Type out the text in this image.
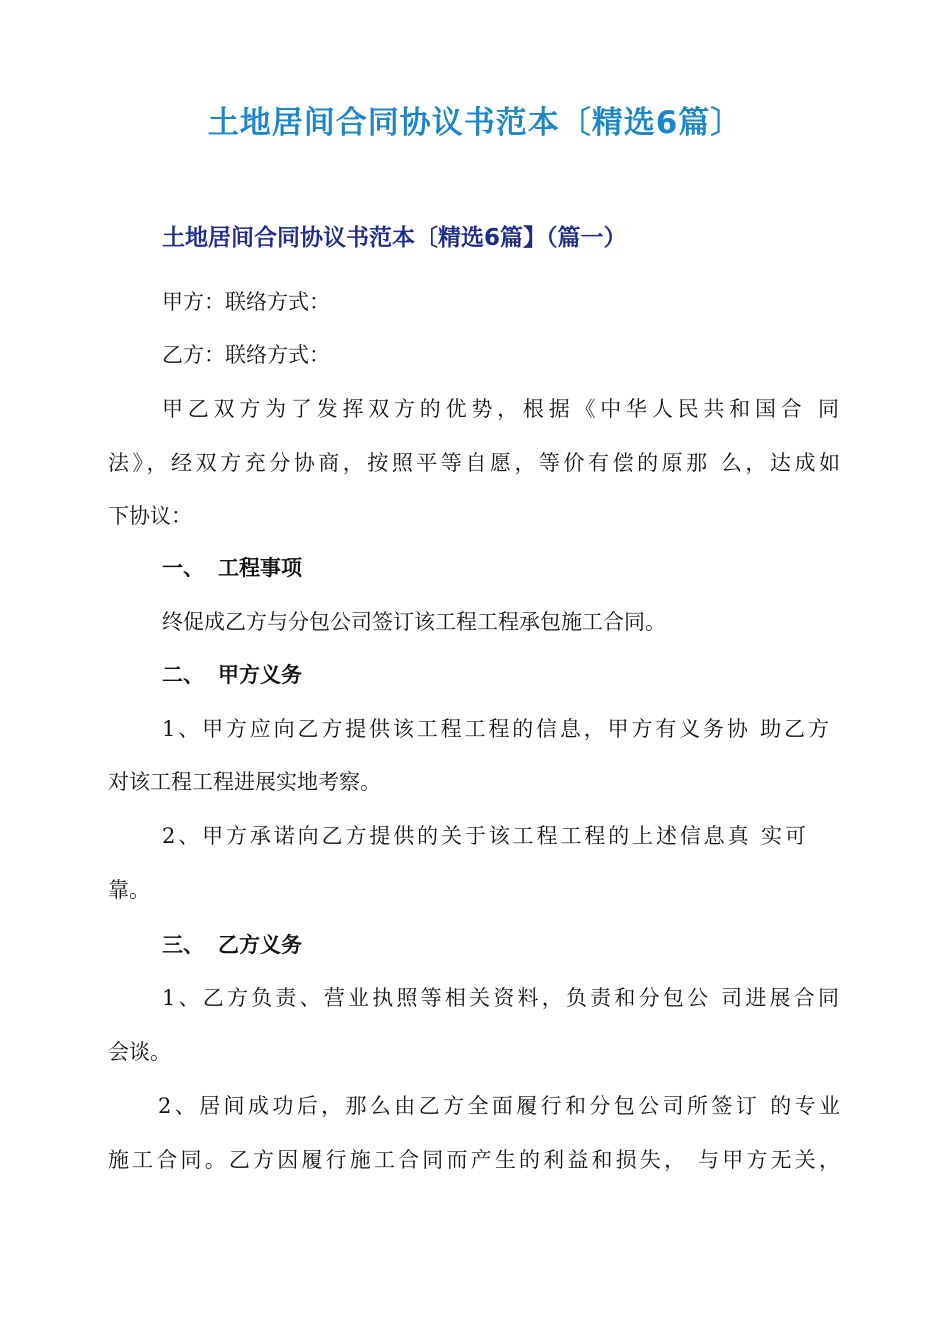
土地居间合同协议书范本〔精选6篇〕
土地居间合同协议书范本〔精选6篇】（篇一）

甲方：联络方式：

乙方：联络方式：

甲乙双方为了发挥双方的优势，根据《中华人民共和国合 同

法》，经双方充分协商，按照平等自愿，等价有偿的原那 么，达成如

下协议：

一、 工程事项

终促成乙方与分包公司签订该工程工程承包施工合同。

二、 甲方义务

1、甲方应向乙方提供该工程工程的信息，甲方有义务协 助乙方

对该工程工程进展实地考察。

2、甲方承诺向乙方提供的关于该工程工程的上述信息真 实可

靠。

三、 乙方义务

1、乙方负责、营业执照等相关资料，负责和分包公 司进展合同

会谈。

2、居间成功后，那么由乙方全面履行和分包公司所签订 的专业

施工合同。乙方因履行施工合同而产生的利益和损失， 与甲方无关，
